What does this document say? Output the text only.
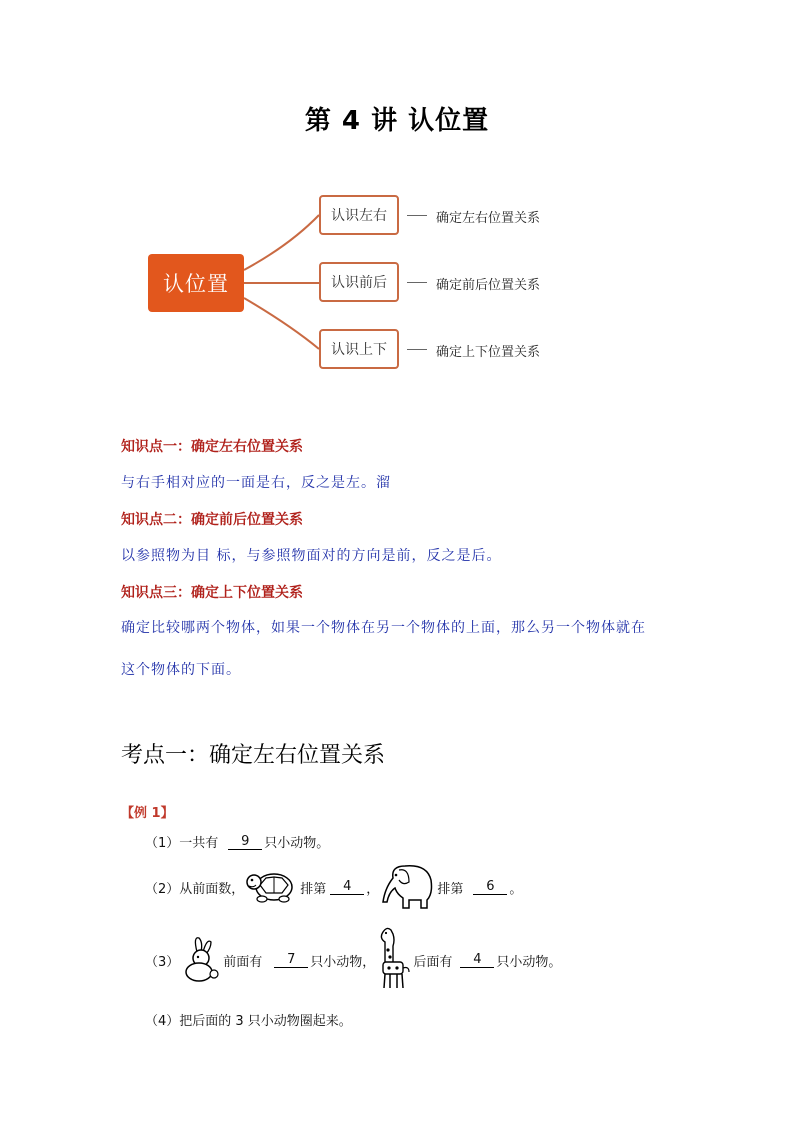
第 4 讲 认位置
认位置
认识左右	确定左右位置关系
认识前后	确定前后位置关系
认识上下	确定上下位置关系
知识点一：确定左右位置关系
与右手相对应的一面是右，反之是左。溜
知识点二：确定前后位置关系
以参照物为目 标，与参照物面对的方向是前，反之是后。
知识点三：确定上下位置关系
确定比较哪两个物体，如果一个物体在另一个物体的上面，那么另一个物体就在
这个物体的下面。
考点一：确定左右位置关系
【例 1】
（1）一共有	9	只小动物。
（2）从前面数，	排第	4	，	排第	6	。
（3）	前面有	7	只小动物，	后面有	4	只小动物。
（4）把后面的 3 只小动物圈起来。
